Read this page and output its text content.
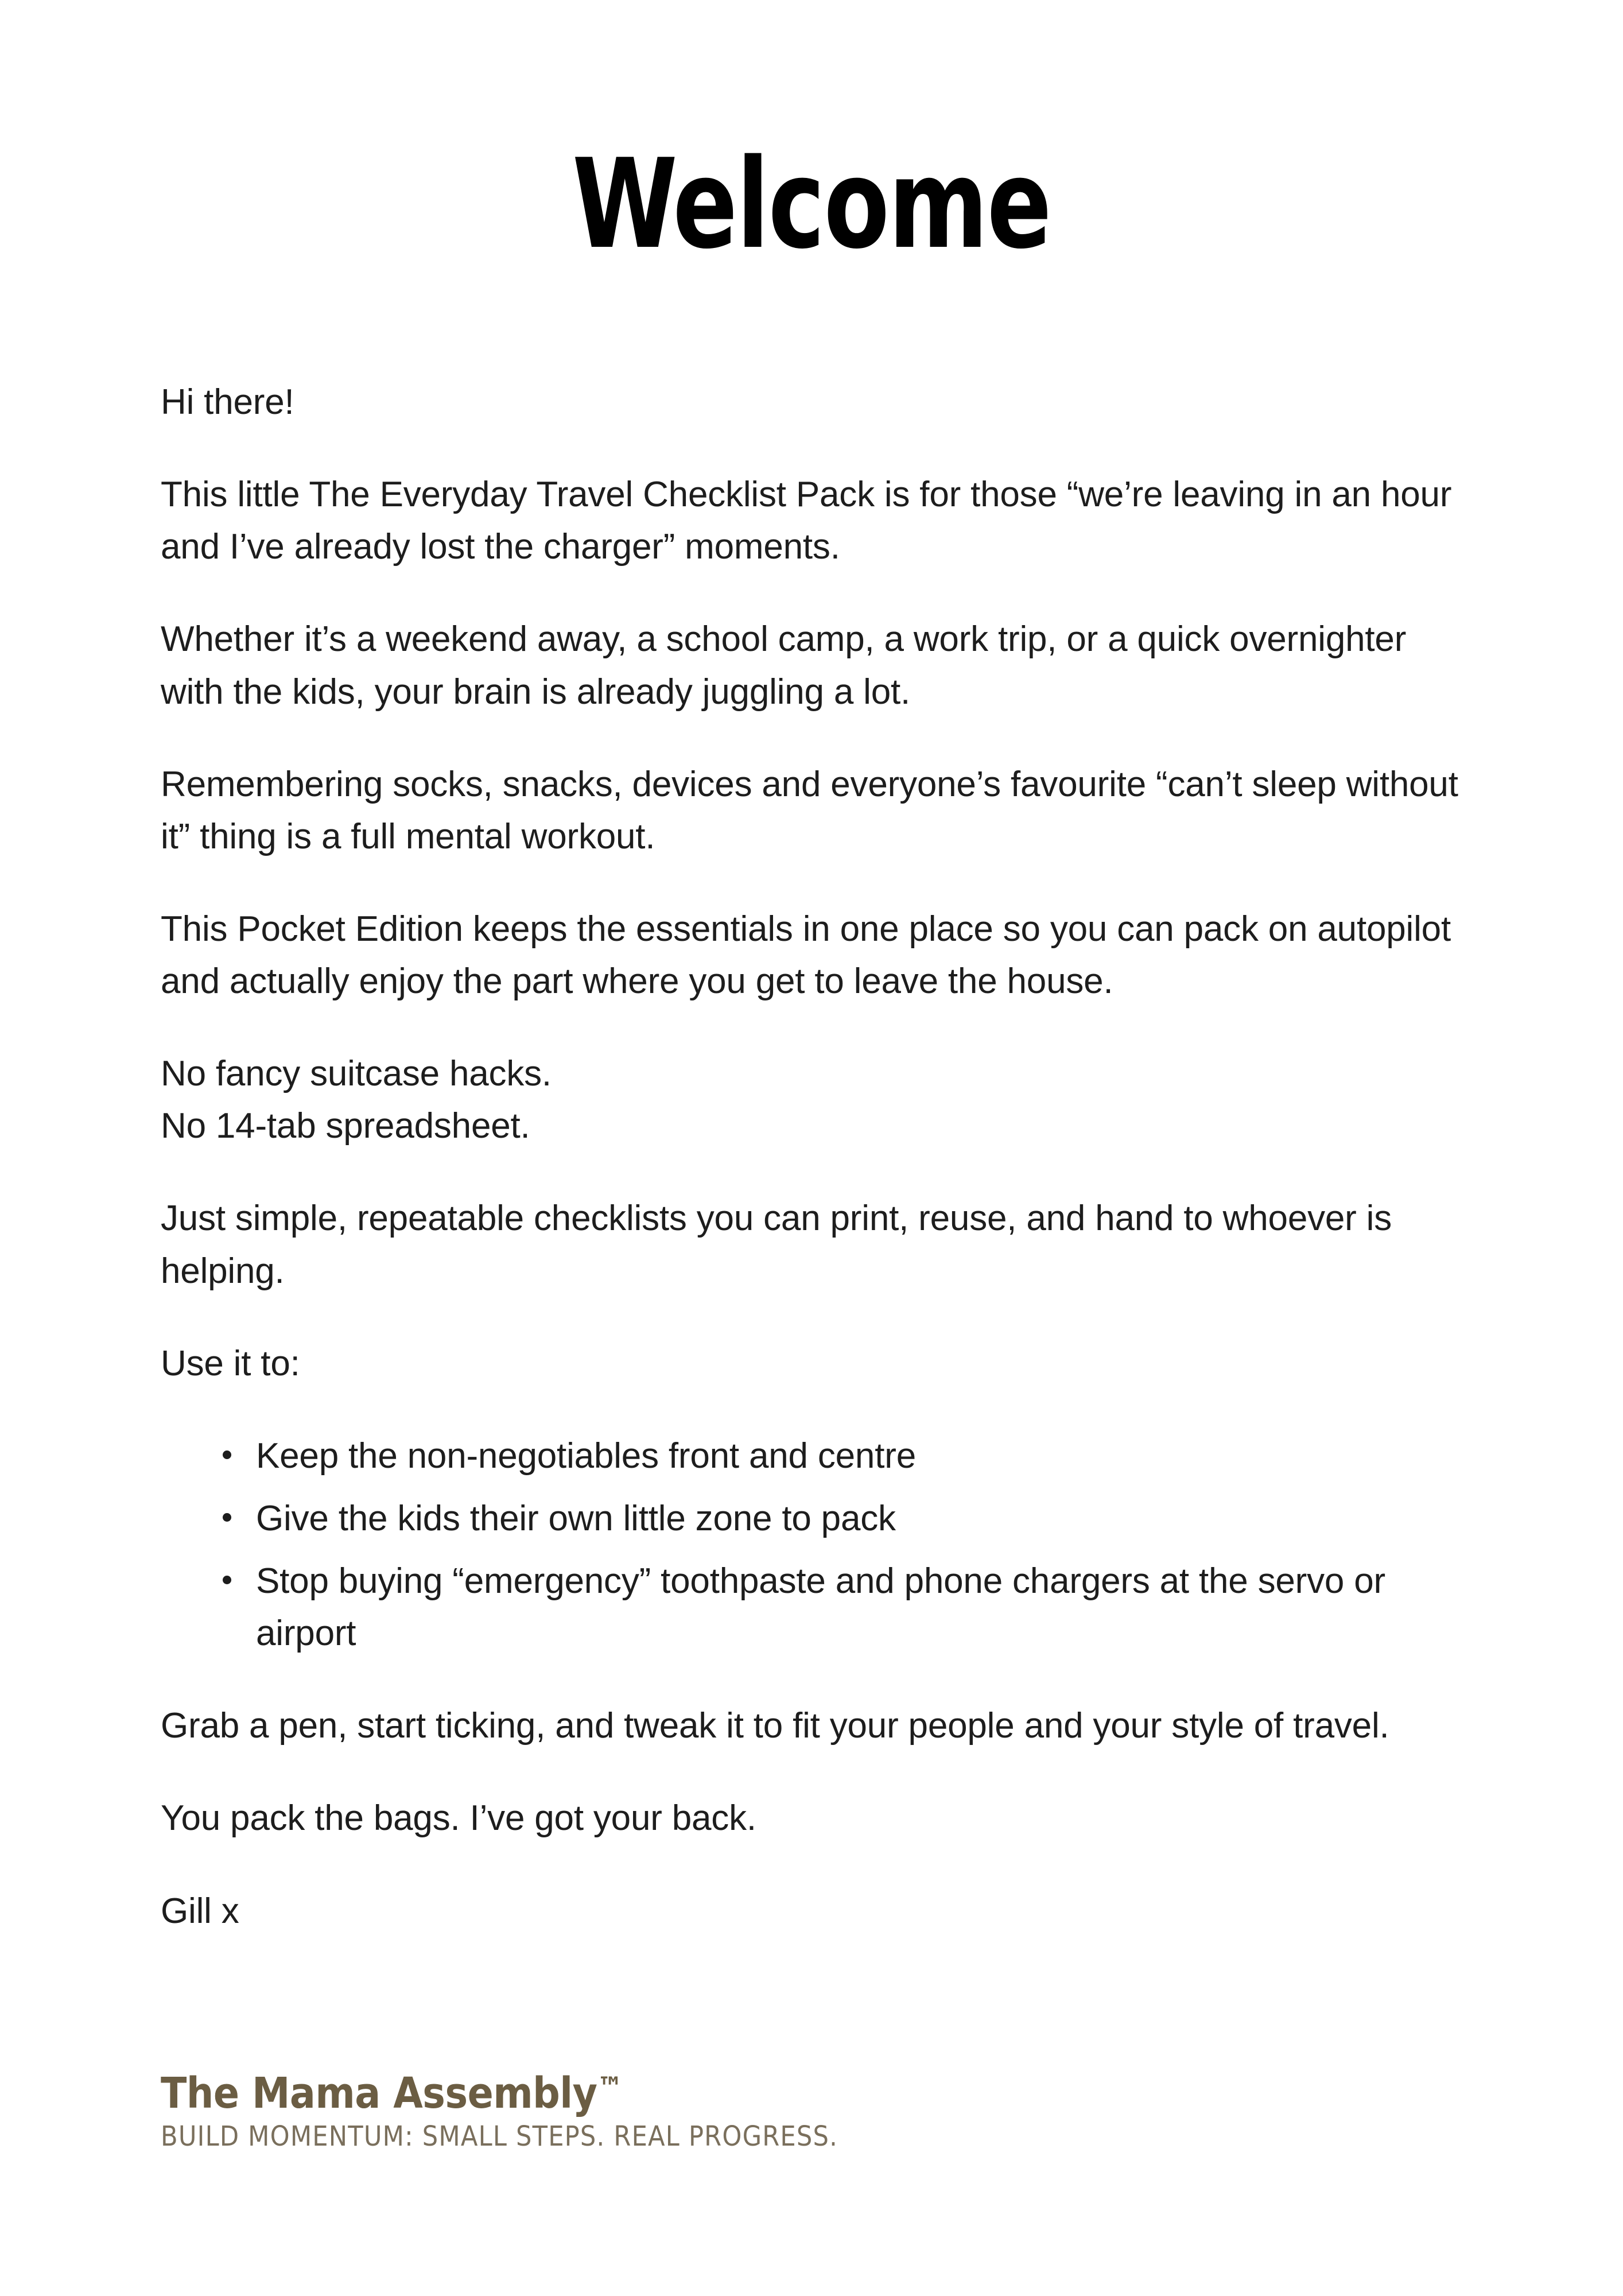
Welcome

Hi there!

This little The Everyday Travel Checklist Pack is for those “we’re leaving in an hour and I’ve already lost the charger” moments.

Whether it’s a weekend away, a school camp, a work trip, or a quick overnighter with the kids, your brain is already juggling a lot.

Remembering socks, snacks, devices and everyone’s favourite “can’t sleep without it” thing is a full mental workout.

This Pocket Edition keeps the essentials in one place so you can pack on autopilot and actually enjoy the part where you get to leave the house.

No fancy suitcase hacks.

No 14-tab spreadsheet.

Just simple, repeatable checklists you can print, reuse, and hand to whoever is helping.

Use it to:

Keep the non-negotiables front and centre
Give the kids their own little zone to pack
Stop buying “emergency” toothpaste and phone chargers at the servo or airport

Grab a pen, start ticking, and tweak it to fit your people and your style of travel.

You pack the bags. I’ve got your back.

Gill x

The Mama Assembly™

BUILD MOMENTUM: SMALL STEPS. REAL PROGRESS.
